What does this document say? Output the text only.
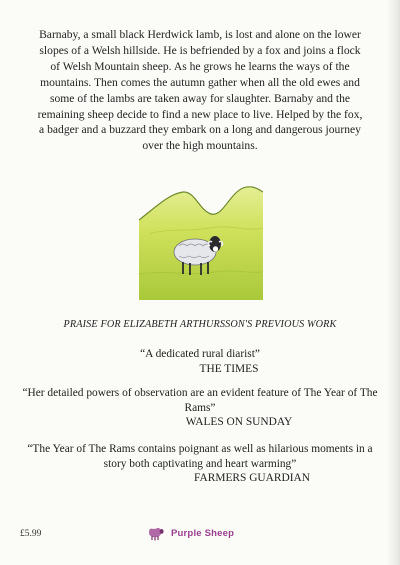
Barnaby, a small black Herdwick lamb, is lost and alone on the lower slopes of a Welsh hillside. He is befriended by a fox and joins a flock of Welsh Mountain sheep. As he grows he learns the ways of the mountains. Then comes the autumn gather when all the old ewes and some of the lambs are taken away for slaughter. Barnaby and the remaining sheep decide to find a new place to live. Helped by the fox, a badger and a buzzard they embark on a long and dangerous journey over the high mountains.

PRAISE FOR ELIZABETH ARTHURSSON'S PREVIOUS WORK

“A dedicated rural diarist”
THE TIMES
“Her detailed powers of observation are an evident feature of The Year of The Rams”
WALES ON SUNDAY
“The Year of The Rams contains poignant as well as hilarious moments in a story both captivating and heart warming”
FARMERS GUARDIAN
£5.99	Purple Sheep
